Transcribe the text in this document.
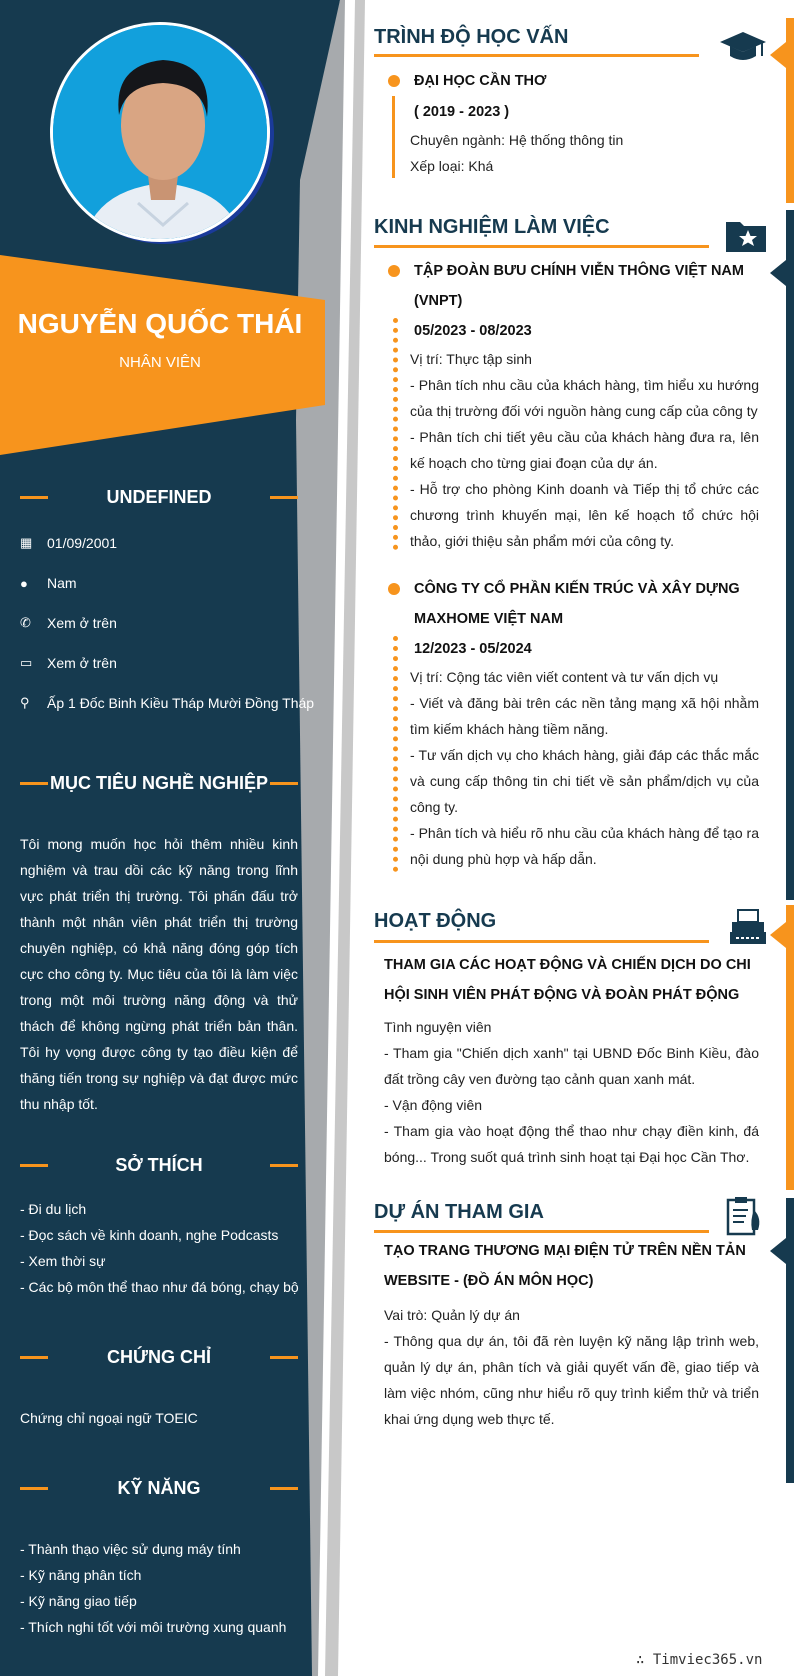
NGUYỄN QUỐC THÁI
NHÂN VIÊN
UNDEFINED
▦	01/09/2001
●	Nam
✆	Xem ở trên
▭	Xem ở trên
⚲	Ấp 1 Đốc Binh Kiều Tháp Mười Đồng Tháp
MỤC TIÊU NGHỀ NGHIỆP
Tôi mong muốn học hỏi thêm nhiều kinh nghiệm và trau dồi các kỹ năng trong lĩnh vực phát triển thị trường. Tôi phấn đấu trở thành một nhân viên phát triển thị trường chuyên nghiệp, có khả năng đóng góp tích cực cho công ty. Mục tiêu của tôi là làm việc trong một môi trường năng động và thử thách để không ngừng phát triển bản thân. Tôi hy vọng được công ty tạo điều kiện để thăng tiến trong sự nghiệp và đạt được mức thu nhập tốt.
SỞ THÍCH
- Đi du lịch
- Đọc sách về kinh doanh, nghe Podcasts
- Xem thời sự
- Các bộ môn thể thao như đá bóng, chạy bộ
CHỨNG CHỈ
Chứng chỉ ngoại ngữ TOEIC
KỸ NĂNG
- Thành thạo việc sử dụng máy tính
- Kỹ năng phân tích
- Kỹ năng giao tiếp
- Thích nghi tốt với môi trường xung quanh
TRÌNH ĐỘ HỌC VẤN
ĐẠI HỌC CẦN THƠ
( 2019 - 2023 )
Chuyên ngành: Hệ thống thông tin
Xếp loại: Khá
KINH NGHIỆM LÀM VIỆC
TẬP ĐOÀN BƯU CHÍNH VIỄN THÔNG VIỆT NAM (VNPT)
05/2023 - 08/2023
Vị trí: Thực tập sinh
- Phân tích nhu cầu của khách hàng, tìm hiểu xu hướng của thị trường đối với nguồn hàng cung cấp của công ty
- Phân tích chi tiết yêu cầu của khách hàng đưa ra, lên kế hoạch cho từng giai đoạn của dự án.
- Hỗ trợ cho phòng Kinh doanh và Tiếp thị tổ chức các chương trình khuyến mại, lên kế hoạch tổ chức hội thảo, giới thiệu sản phẩm mới của công ty.
CÔNG TY CỔ PHẦN KIẾN TRÚC VÀ XÂY DỰNG MAXHOME VIỆT NAM
12/2023 - 05/2024
Vị trí: Cộng tác viên viết content và tư vấn dịch vụ
- Viết và đăng bài trên các nền tảng mạng xã hội nhằm tìm kiếm khách hàng tiềm năng.
- Tư vấn dịch vụ cho khách hàng, giải đáp các thắc mắc và cung cấp thông tin chi tiết về sản phẩm/dịch vụ của công ty.
- Phân tích và hiểu rõ nhu cầu của khách hàng để tạo ra nội dung phù hợp và hấp dẫn.
HOẠT ĐỘNG
THAM GIA CÁC HOẠT ĐỘNG VÀ CHIẾN DỊCH DO CHI HỘI SINH VIÊN PHÁT ĐỘNG VÀ ĐOÀN PHÁT ĐỘNG
Tình nguyện viên
- Tham gia "Chiến dịch xanh" tại UBND Đốc Binh Kiều, đào đất trồng cây ven đường tạo cảnh quan xanh mát.
- Vận động viên
- Tham gia vào hoạt động thể thao như chạy điền kinh, đá bóng... Trong suốt quá trình sinh hoạt tại Đại học Cần Thơ.
DỰ ÁN THAM GIA
TẠO TRANG THƯƠNG MẠI ĐIỆN TỬ TRÊN NỀN TẢN WEBSITE - (ĐỒ ÁN MÔN HỌC)
Vai trò: Quản lý dự án
- Thông qua dự án, tôi đã rèn luyện kỹ năng lập trình web, quản lý dự án, phân tích và giải quyết vấn đề, giao tiếp và làm việc nhóm, cũng như hiểu rõ quy trình kiểm thử và triển khai ứng dụng web thực tế.
∴ Timviec365.vn
